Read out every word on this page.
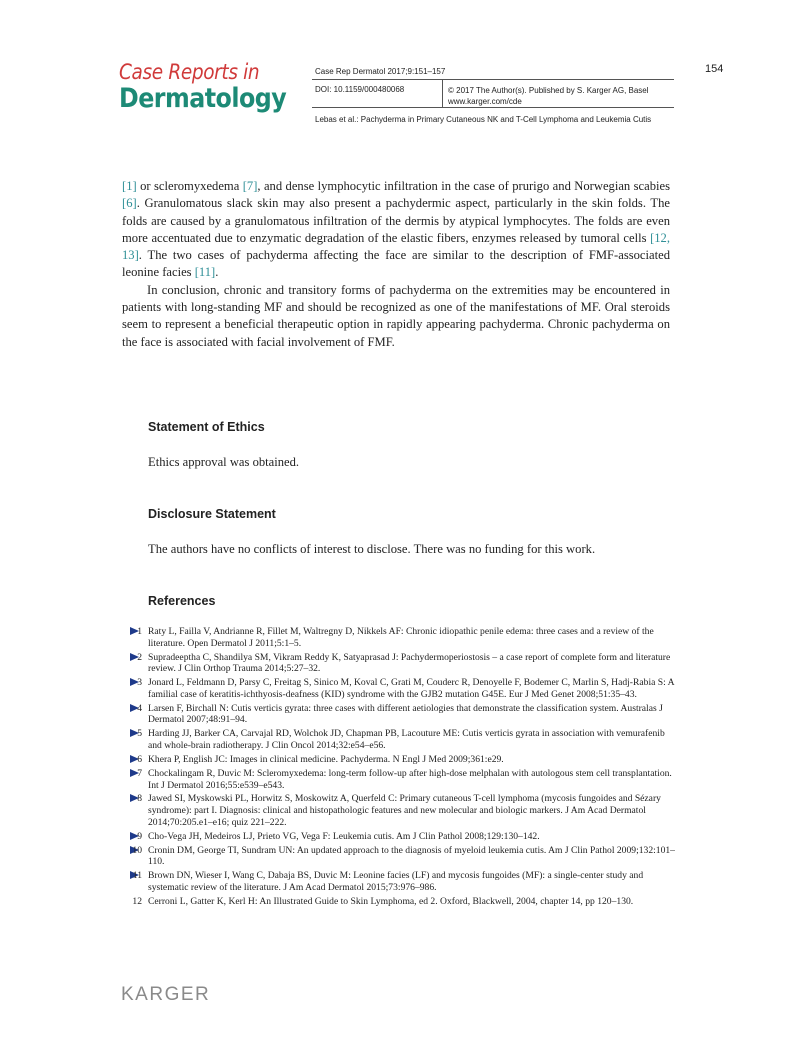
Case Reports in
Dermatology
Case Rep Dermatol 2017;9:151–157
DOI: 10.1159/000480068	© 2017 The Author(s). Published by S. Karger AG, Basel www.karger.com/cde
Lebas et al.: Pachyderma in Primary Cutaneous NK and T-Cell Lymphoma and Leukemia Cutis
154

[1] or scleromyxedema [7], and dense lymphocytic infiltration in the case of prurigo and Norwegian scabies [6]. Granulomatous slack skin may also present a pachydermic aspect, particularly in the skin folds. The folds are caused by a granulomatous infiltration of the dermis by atypical lymphocytes. The folds are even more accentuated due to enzymatic degradation of the elastic fibers, enzymes released by tumoral cells [12, 13]. The two cases of pachyderma affecting the face are similar to the description of FMF-associated leonine facies [11].

In conclusion, chronic and transitory forms of pachyderma on the extremities may be encountered in patients with long-standing MF and should be recognized as one of the manifestations of MF. Oral steroids seem to represent a beneficial therapeutic option in rapidly appearing pachyderma. Chronic pachyderma on the face is associated with facial involvement of FMF.

Statement of Ethics
Ethics approval was obtained.
Disclosure Statement
The authors have no conflicts of interest to disclose. There was no funding for this work.
References
1 Raty L, Failla V, Andrianne R, Fillet M, Waltregny D, Nikkels AF: Chronic idiopathic penile edema: three cases and a review of the literature. Open Dermatol J 2011;5:1–5.
2 Supradeeptha C, Shandilya SM, Vikram Reddy K, Satyaprasad J: Pachydermoperiostosis – a case report of complete form and literature review. J Clin Orthop Trauma 2014;5:27–32.
3 Jonard L, Feldmann D, Parsy C, Freitag S, Sinico M, Koval C, Grati M, Couderc R, Denoyelle F, Bodemer C, Marlin S, Hadj-Rabia S: A familial case of keratitis-ichthyosis-deafness (KID) syndrome with the GJB2 mutation G45E. Eur J Med Genet 2008;51:35–43.
4 Larsen F, Birchall N: Cutis verticis gyrata: three cases with different aetiologies that demonstrate the classification system. Australas J Dermatol 2007;48:91–94.
5 Harding JJ, Barker CA, Carvajal RD, Wolchok JD, Chapman PB, Lacouture ME: Cutis verticis gyrata in association with vemurafenib and whole-brain radiotherapy. J Clin Oncol 2014;32:e54–e56.
6 Khera P, English JC: Images in clinical medicine. Pachyderma. N Engl J Med 2009;361:e29.
7 Chockalingam R, Duvic M: Scleromyxedema: long-term follow-up after high-dose melphalan with autologous stem cell transplantation. Int J Dermatol 2016;55:e539–e543.
8 Jawed SI, Myskowski PL, Horwitz S, Moskowitz A, Querfeld C: Primary cutaneous T-cell lymphoma (mycosis fungoides and Sézary syndrome): part I. Diagnosis: clinical and histopathologic features and new molecular and biologic markers. J Am Acad Dermatol 2014;70:205.e1–e16; quiz 221–222.
9 Cho-Vega JH, Medeiros LJ, Prieto VG, Vega F: Leukemia cutis. Am J Clin Pathol 2008;129:130–142.
10 Cronin DM, George TI, Sundram UN: An updated approach to the diagnosis of myeloid leukemia cutis. Am J Clin Pathol 2009;132:101–110.
11 Brown DN, Wieser I, Wang C, Dabaja BS, Duvic M: Leonine facies (LF) and mycosis fungoides (MF): a single-center study and systematic review of the literature. J Am Acad Dermatol 2015;73:976–986.
12 Cerroni L, Gatter K, Kerl H: An Illustrated Guide to Skin Lymphoma, ed 2. Oxford, Blackwell, 2004, chapter 14, pp 120–130.
KARGER
